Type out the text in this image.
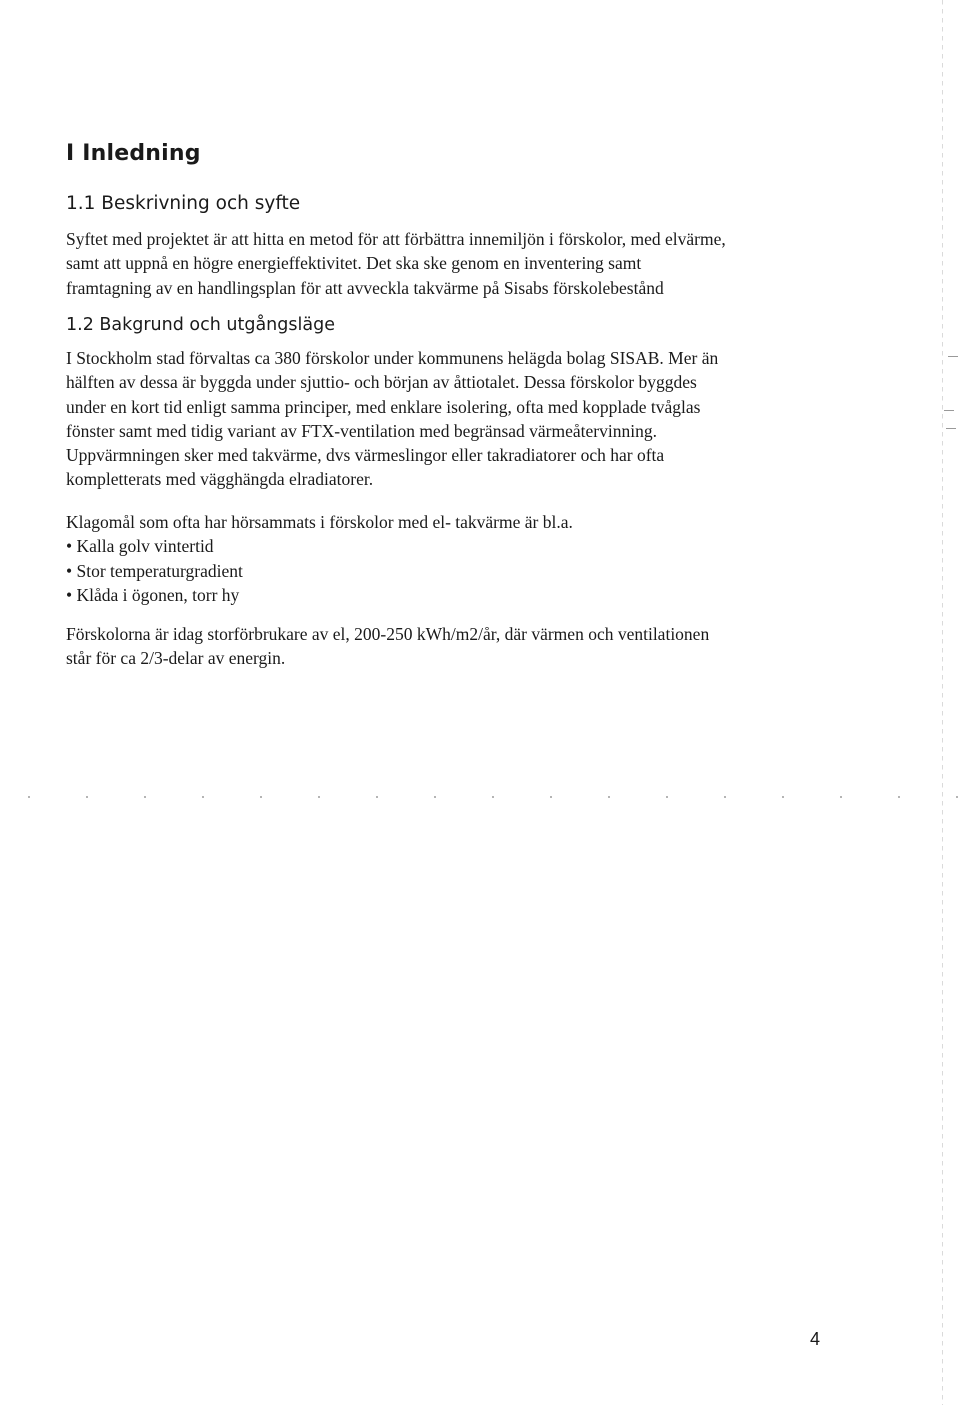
I Inledning
1.1 Beskrivning och syfte
Syftet med projektet är att hitta en metod för att förbättra innemiljön i förskolor, med elvärme,
samt att uppnå en högre energieffektivitet. Det ska ske genom en inventering samt
framtagning av en handlingsplan för att avveckla takvärme på Sisabs förskolebestånd
1.2 Bakgrund och utgångsläge
I Stockholm stad förvaltas ca 380 förskolor under kommunens helägda bolag SISAB. Mer än
hälften av dessa är byggda under sjuttio- och början av åttiotalet. Dessa förskolor byggdes
under en kort tid enligt samma principer, med enklare isolering, ofta med kopplade tvåglas
fönster samt med tidig variant av FTX-ventilation med begränsad värmeåtervinning.
Uppvärmningen sker med takvärme, dvs värmeslingor eller takradiatorer och har ofta
kompletterats med vägghängda elradiatorer.
Klagomål som ofta har hörsammats i förskolor med el- takvärme är bl.a.
• Kalla golv vintertid
• Stor temperaturgradient
• Klåda i ögonen, torr hy
Förskolorna är idag storförbrukare av el, 200-250 kWh/m2/år, där värmen och ventilationen
står för ca 2/3-delar av energin.
4
